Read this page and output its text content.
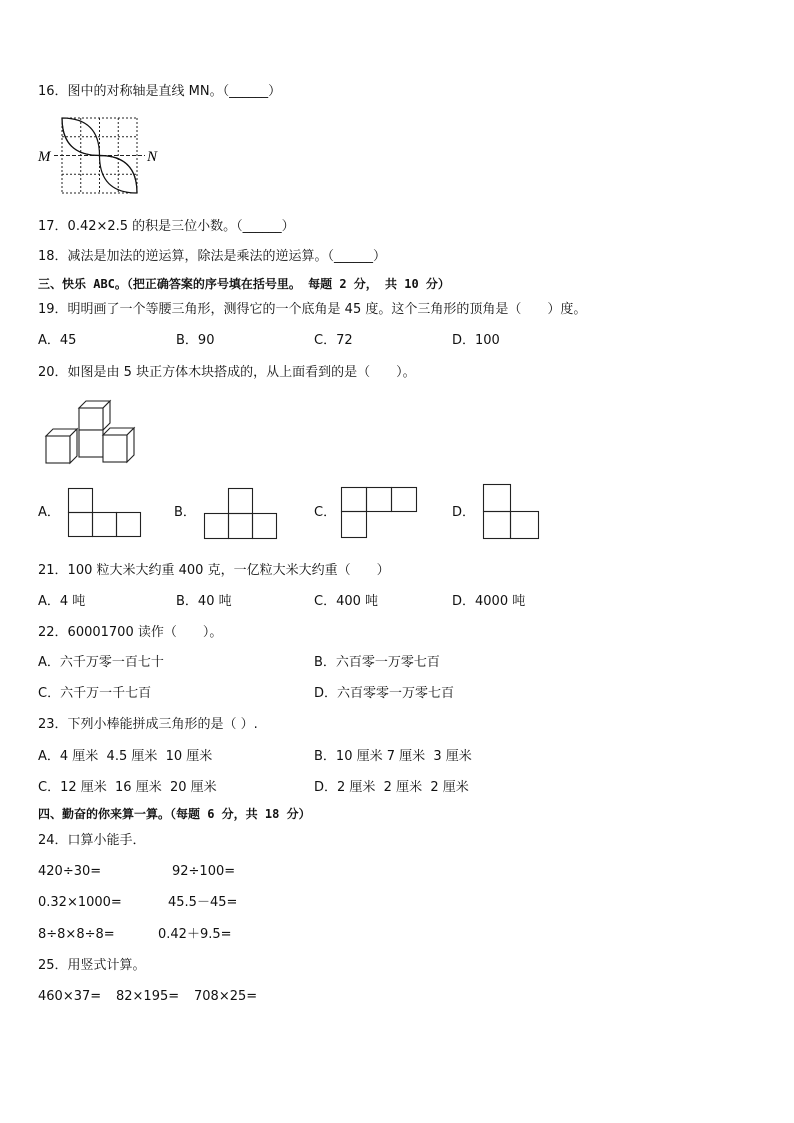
16．图中的对称轴是直线 MN。（______）
M	N
17．0.42×2.5 的积是三位小数。（______）
18．减法是加法的逆运算，除法是乘法的逆运算。（______）
三、快乐 ABC。（把正确答案的序号填在括号里。 每题 2 分， 共 10 分）
19．明明画了一个等腰三角形，测得它的一个底角是 45 度。这个三角形的顶角是（　　）度。
A．45	B．90	C．72	D．100
20．如图是由 5 块正方体木块搭成的，从上面看到的是（　　）。
A．	B．	C．	D．
21．100 粒大米大约重 400 克，一亿粒大米大约重（　　）
A．4 吨	B．40 吨	C．400 吨	D．4000 吨
22．60001700 读作（　　）。
A．六千万零一百七十	B．六百零一万零七百
C．六千万一千七百	D．六百零零一万零七百
23．下列小棒能拼成三角形的是（ ）.
A．4 厘米  4.5 厘米  10 厘米	B．10 厘米 7 厘米  3 厘米
C．12 厘米  16 厘米  20 厘米	D．2 厘米  2 厘米  2 厘米
四、勤奋的你来算一算。（每题 6 分，共 18 分）
24．口算小能手．
420÷30=	92÷100=
0.32×1000=	45.5－45=
8÷8×8÷8=	0.42＋9.5=
25．用竖式计算。
460×37= 82×195= 708×25=
